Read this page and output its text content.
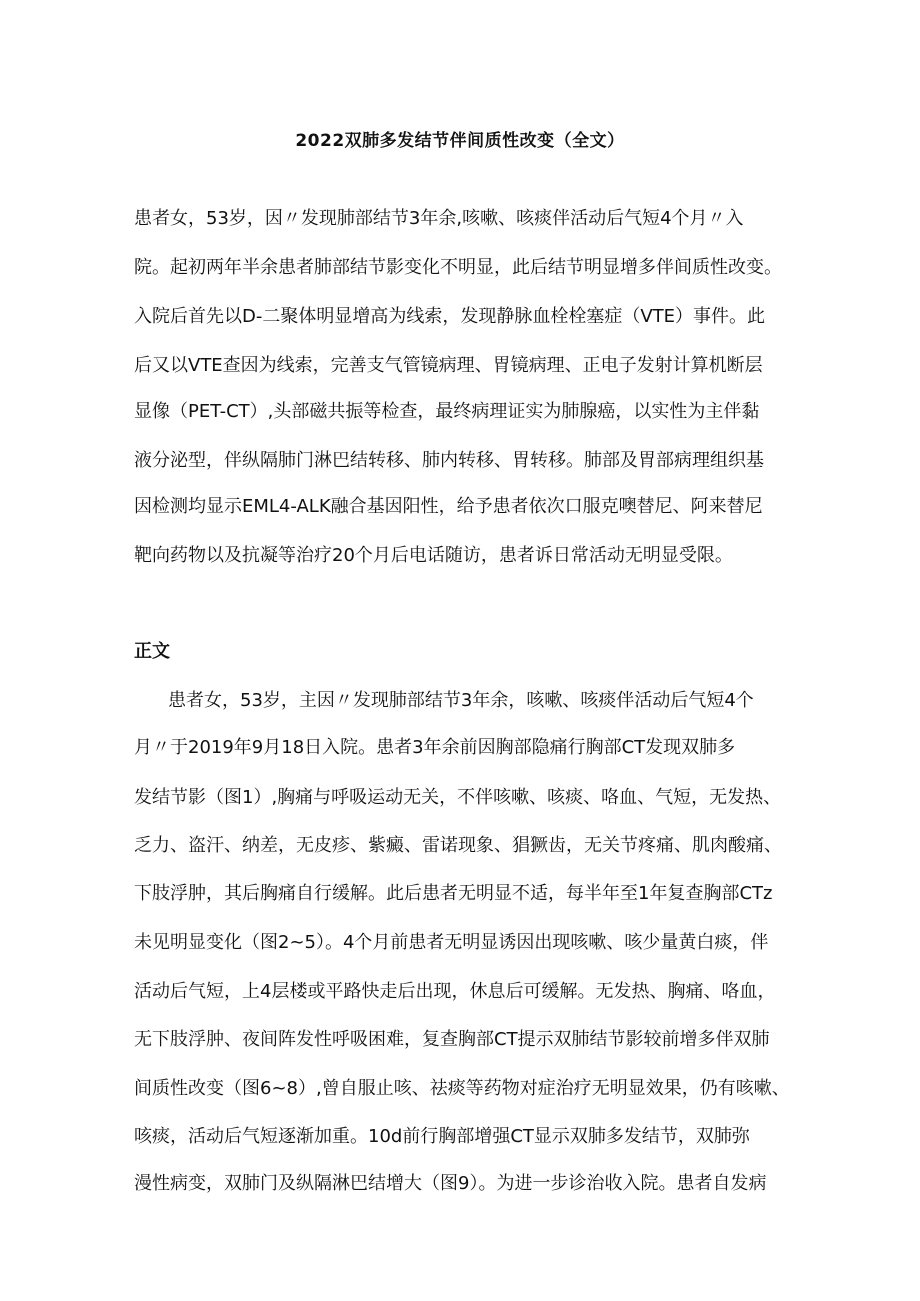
2022双肺多发结节伴间质性改变（全文）
患者女，53岁，因〃发现肺部结节3年余,咳嗽、咳痰伴活动后气短4个月〃入
院。起初两年半余患者肺部结节影变化不明显，此后结节明显增多伴间质性改变。
入院后首先以D-二聚体明显增高为线索，发现静脉血栓栓塞症（VTE）事件。此
后又以VTE查因为线索，完善支气管镜病理、胃镜病理、正电子发射计算机断层
显像（PET-CT）,头部磁共振等检查，最终病理证实为肺腺癌，以实性为主伴黏
液分泌型，伴纵隔肺门淋巴结转移、肺内转移、胃转移。肺部及胃部病理组织基
因检测均显示EML4-ALK融合基因阳性，给予患者依次口服克噢替尼、阿来替尼
靶向药物以及抗凝等治疗20个月后电话随访，患者诉日常活动无明显受限。
正文
患者女，53岁，主因〃发现肺部结节3年余，咳嗽、咳痰伴活动后气短4个
月〃于2019年9月18日入院。患者3年余前因胸部隐痛行胸部CT发现双肺多
发结节影（图1）,胸痛与呼吸运动无关，不伴咳嗽、咳痰、咯血、气短，无发热、
乏力、盗汗、纳差，无皮疹、紫癜、雷诺现象、猖獗齿，无关节疼痛、肌肉酸痛、
下肢浮肿，其后胸痛自行缓解。此后患者无明显不适，每半年至1年复查胸部CTz
未见明显变化（图2~5）。4个月前患者无明显诱因出现咳嗽、咳少量黄白痰，伴
活动后气短，上4层楼或平路快走后出现，休息后可缓解。无发热、胸痛、咯血，
无下肢浮肿、夜间阵发性呼吸困难，复查胸部CT提示双肺结节影较前增多伴双肺
间质性改变（图6~8）,曾自服止咳、祛痰等药物对症治疗无明显效果，仍有咳嗽、
咳痰，活动后气短逐渐加重。10d前行胸部增强CT显示双肺多发结节，双肺弥
漫性病变，双肺门及纵隔淋巴结增大（图9）。为进一步诊治收入院。患者自发病
